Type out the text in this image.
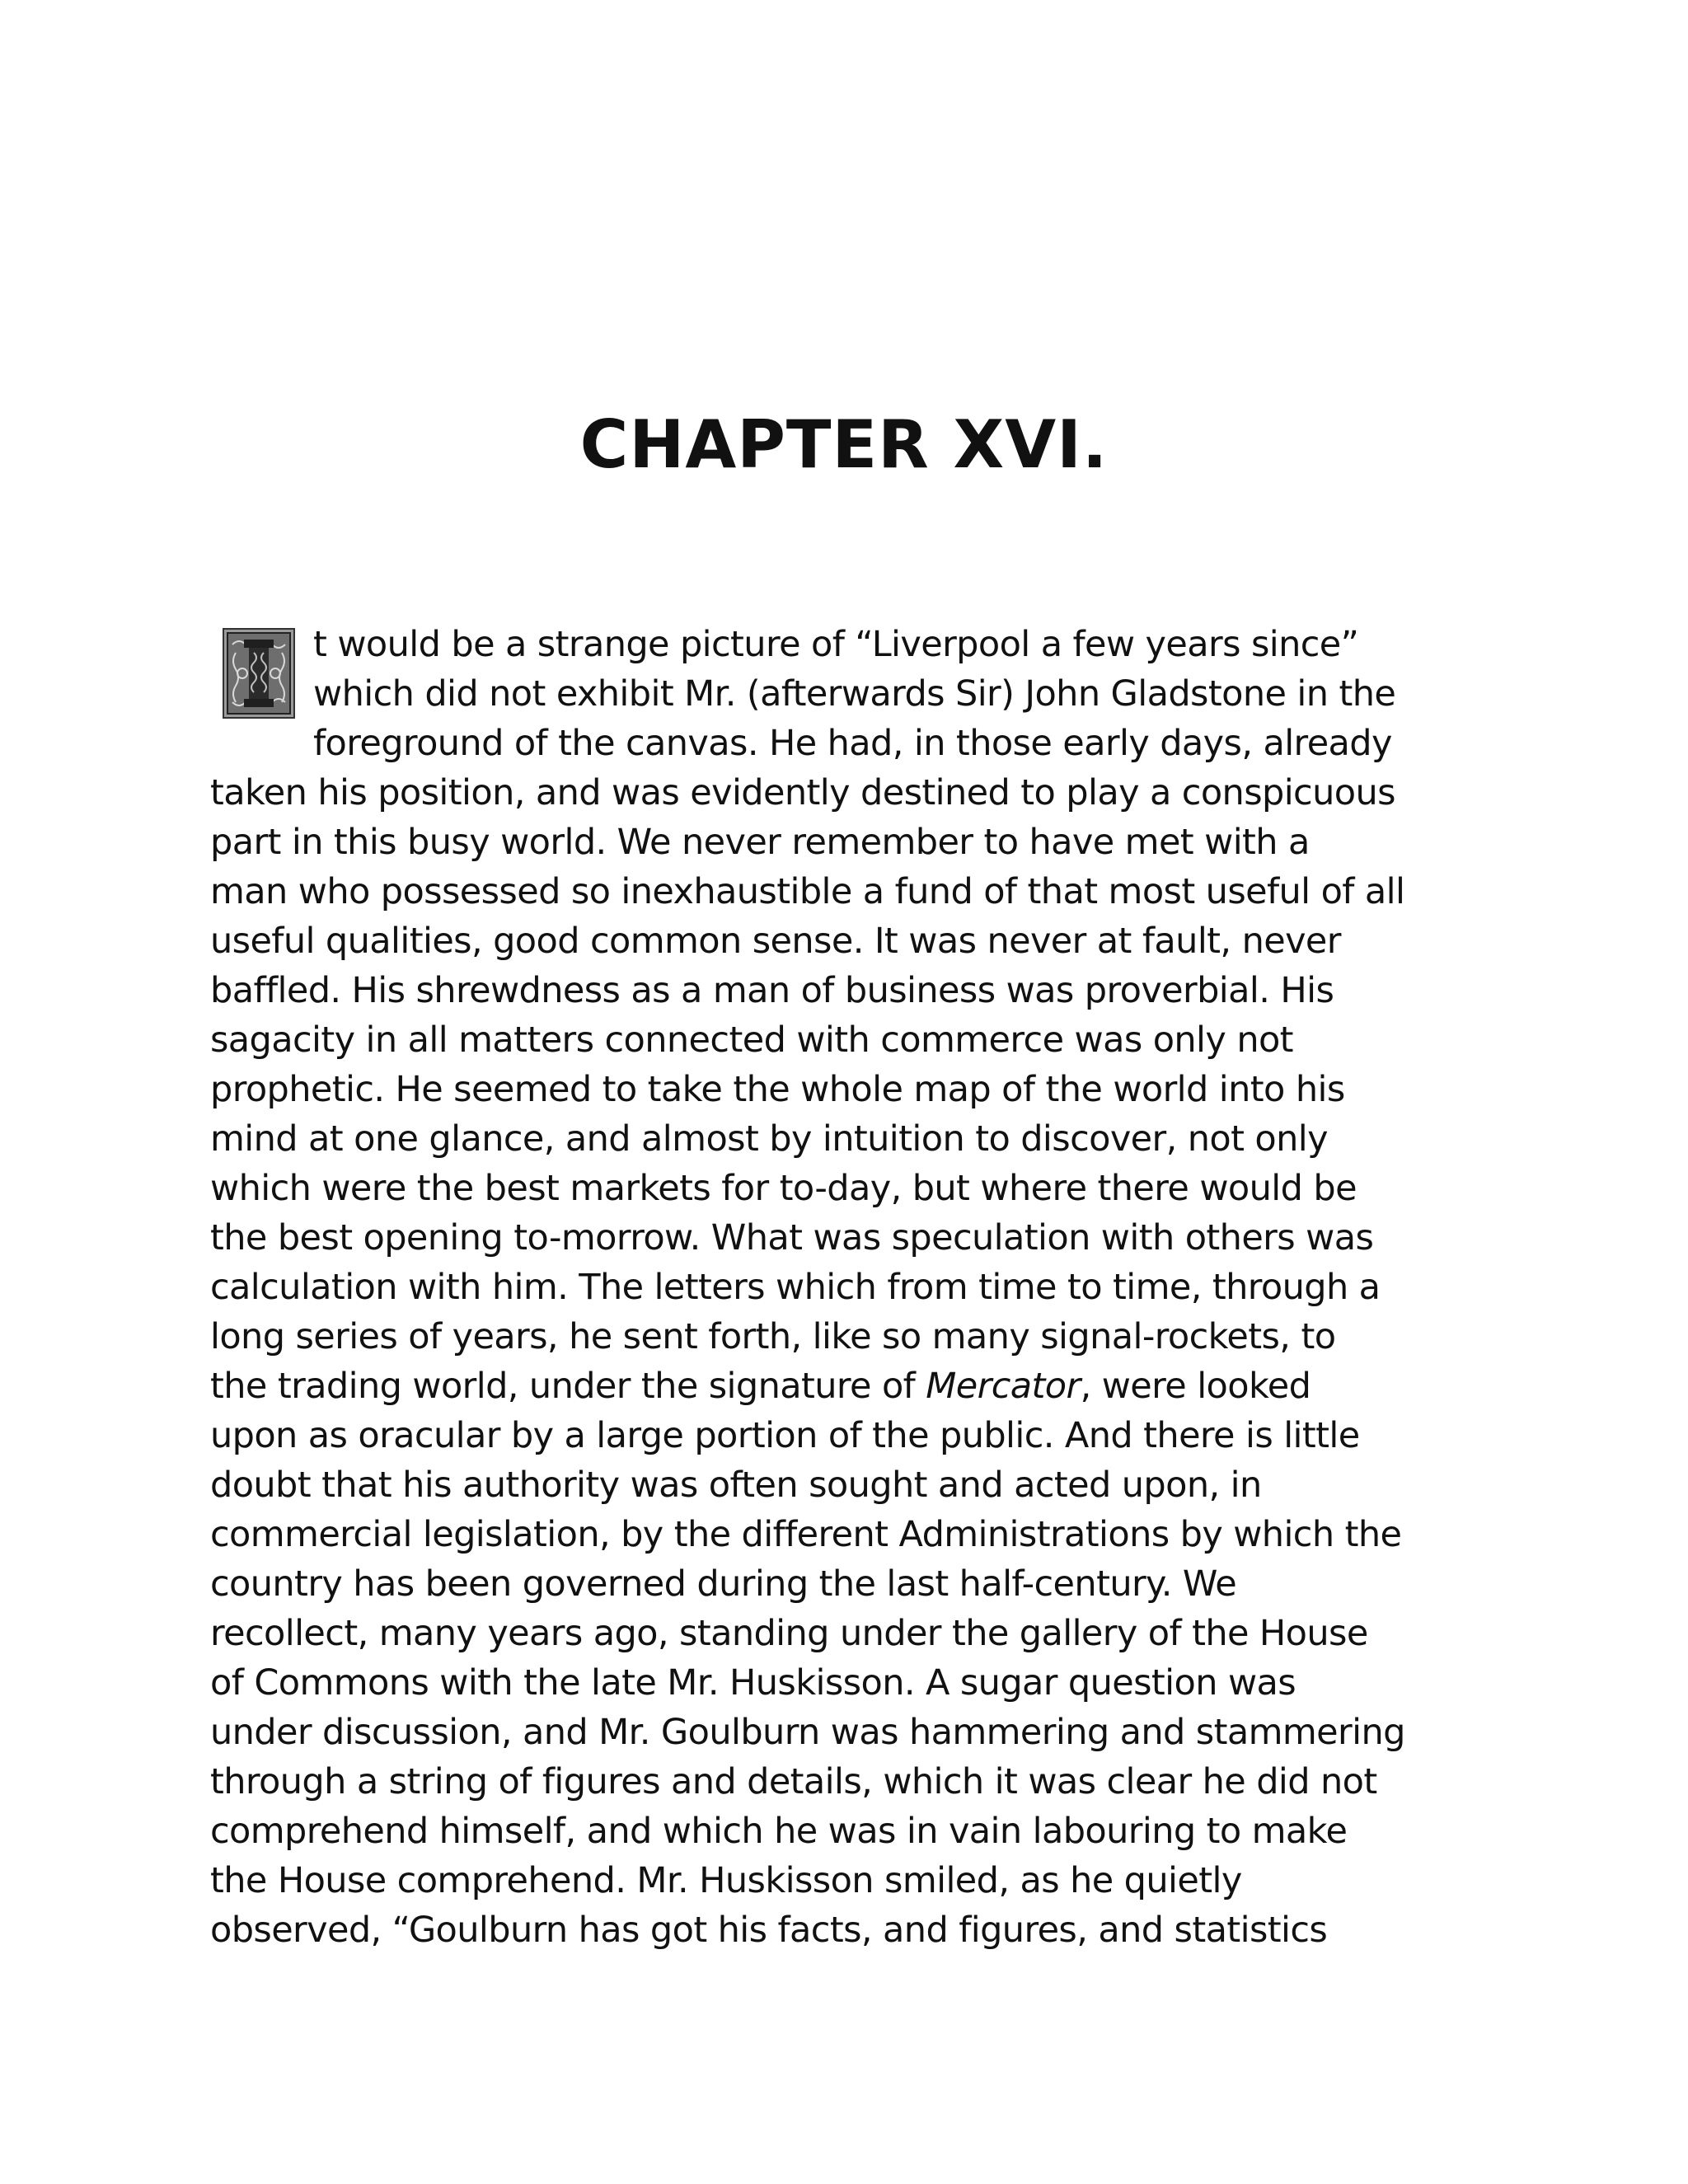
CHAPTER XVI.
t would be a strange picture of “Liverpool a few years since”
which did not exhibit Mr. (afterwards Sir) John Gladstone in the
foreground of the canvas. He had, in those early days, already
taken his position, and was evidently destined to play a conspicuous
part in this busy world. We never remember to have met with a
man who possessed so inexhaustible a fund of that most useful of all
useful qualities, good common sense. It was never at fault, never
baffled. His shrewdness as a man of business was proverbial. His
sagacity in all matters connected with commerce was only not
prophetic. He seemed to take the whole map of the world into his
mind at one glance, and almost by intuition to discover, not only
which were the best markets for to-day, but where there would be
the best opening to-morrow. What was speculation with others was
calculation with him. The letters which from time to time, through a
long series of years, he sent forth, like so many signal-rockets, to
the trading world, under the signature of Mercator, were looked
upon as oracular by a large portion of the public. And there is little
doubt that his authority was often sought and acted upon, in
commercial legislation, by the different Administrations by which the
country has been governed during the last half-century. We
recollect, many years ago, standing under the gallery of the House
of Commons with the late Mr. Huskisson. A sugar question was
under discussion, and Mr. Goulburn was hammering and stammering
through a string of figures and details, which it was clear he did not
comprehend himself, and which he was in vain labouring to make
the House comprehend. Mr. Huskisson smiled, as he quietly
observed, “Goulburn has got his facts, and figures, and statistics
